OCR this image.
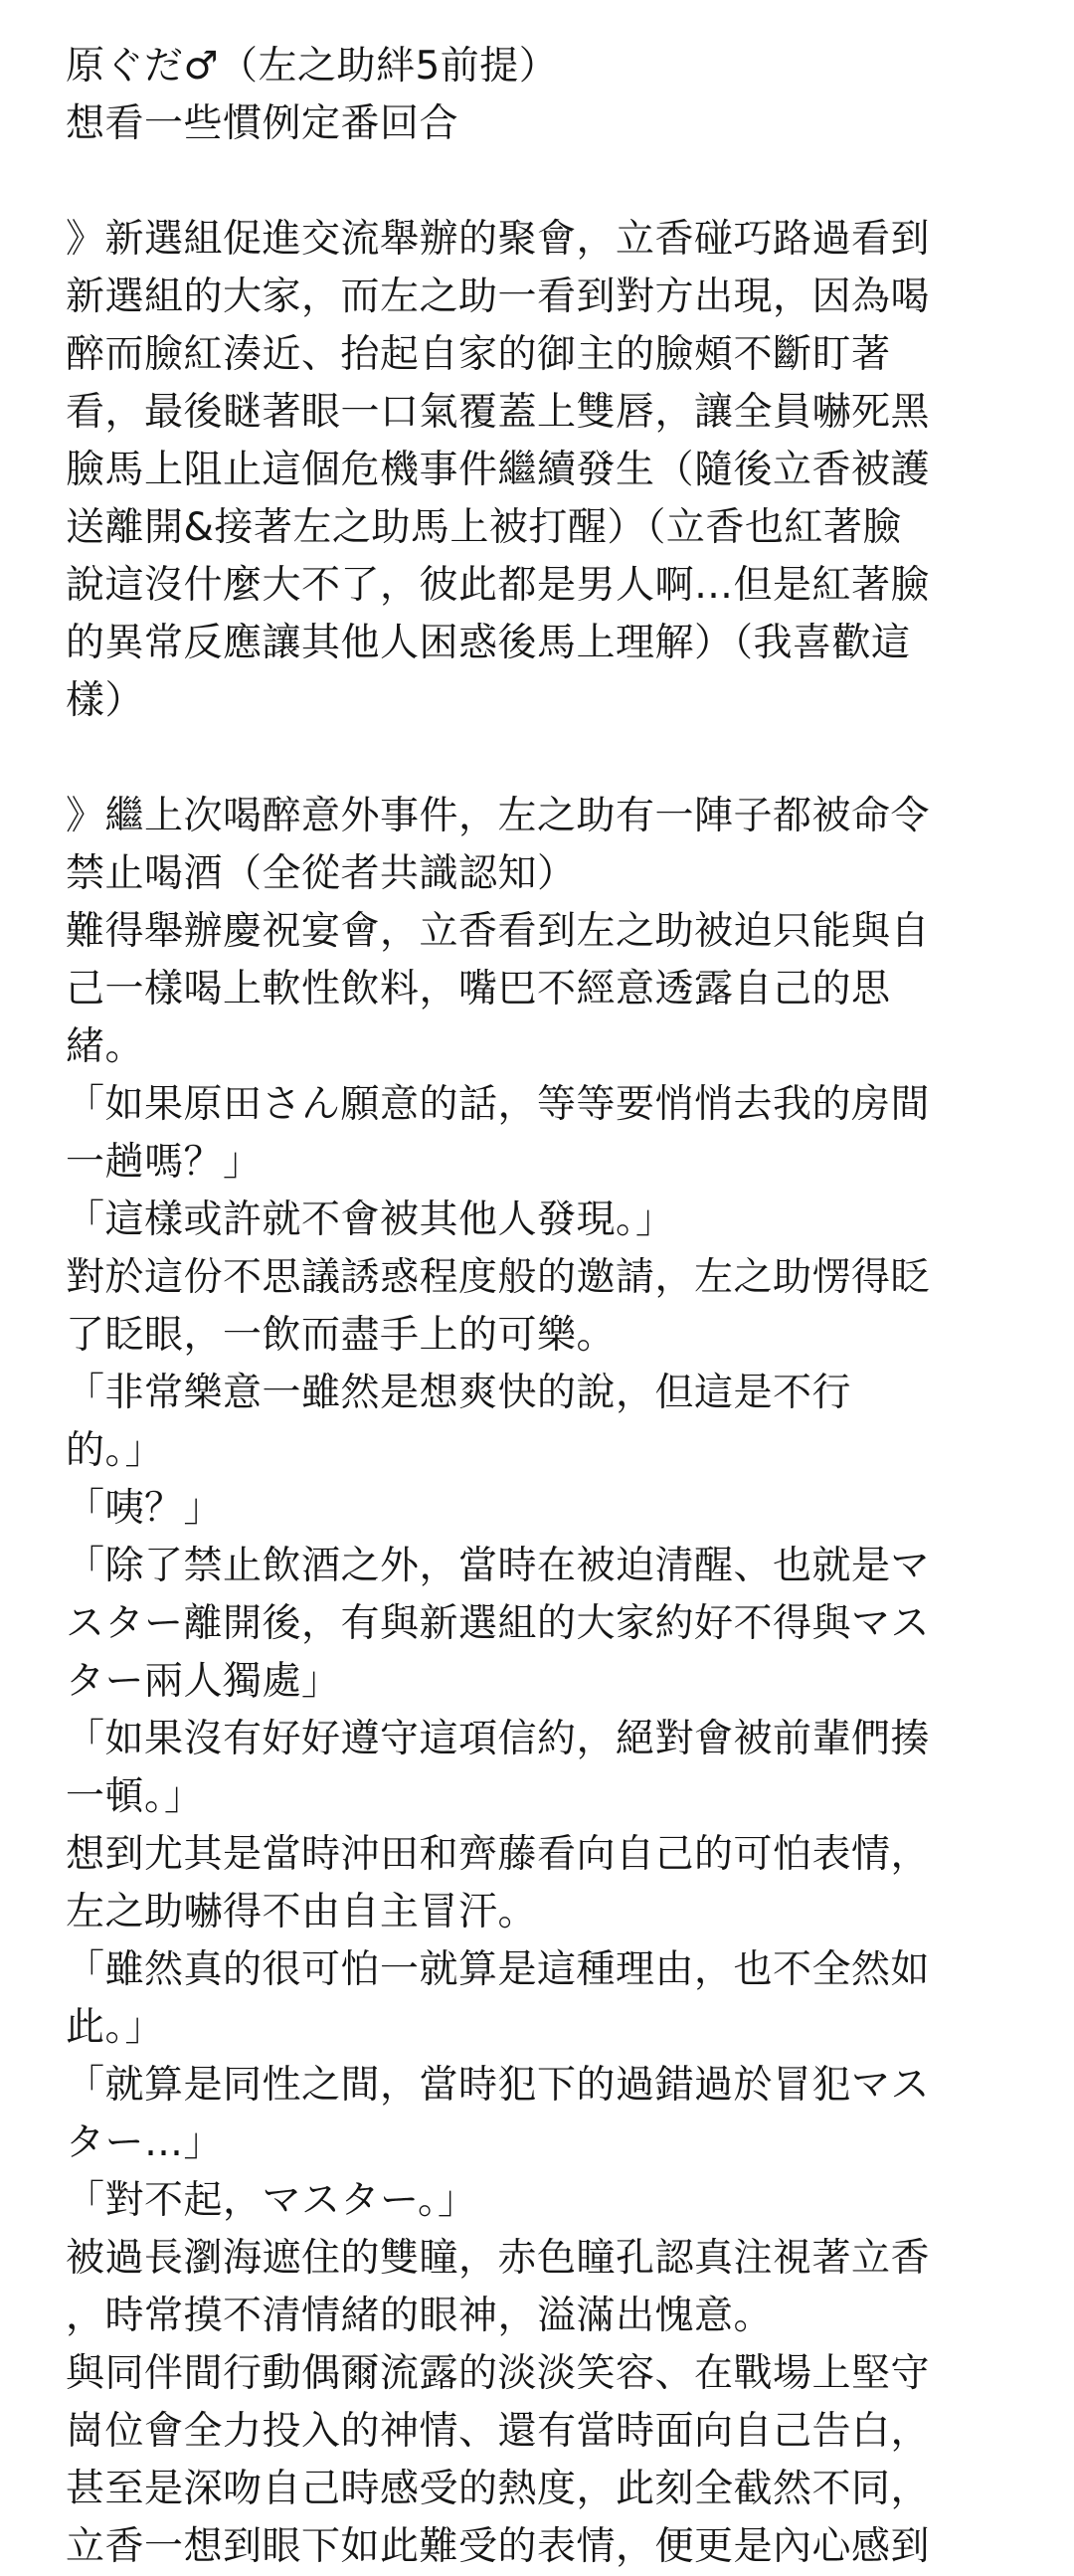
原ぐだ♂（左之助絆5前提）
想看一些慣例定番回合
》新選組促進交流舉辦的聚會，立香碰巧路過看到
新選組的大家，而左之助一看到對方出現，因為喝
醉而臉紅湊近、抬起自家的御主的臉頰不斷盯著
看，最後瞇著眼一口氣覆蓋上雙唇，讓全員嚇死黑
臉馬上阻止這個危機事件繼續發生（隨後立香被護
送離開&接著左之助馬上被打醒）（立香也紅著臉
說這沒什麼大不了，彼此都是男人啊…但是紅著臉
的異常反應讓其他人困惑後馬上理解）（我喜歡這
樣）
》繼上次喝醉意外事件，左之助有一陣子都被命令
禁止喝酒（全從者共識認知）
難得舉辦慶祝宴會，立香看到左之助被迫只能與自
己一樣喝上軟性飲料，嘴巴不經意透露自己的思
緒。
「如果原田さん願意的話，等等要悄悄去我的房間
一趟嗎？」
「這樣或許就不會被其他人發現。」
對於這份不思議誘惑程度般的邀請，左之助愣得眨
了眨眼，一飲而盡手上的可樂。
「非常樂意一雖然是想爽快的說，但這是不行
的。」
「咦？」
「除了禁止飲酒之外，當時在被迫清醒、也就是マ
スター離開後，有與新選組的大家約好不得與マス
ター兩人獨處」
「如果沒有好好遵守這項信約，絕對會被前輩們揍
一頓。」
想到尤其是當時沖田和齊藤看向自己的可怕表情，
左之助嚇得不由自主冒汗。
「雖然真的很可怕一就算是這種理由，也不全然如
此。」
「就算是同性之間，當時犯下的過錯過於冒犯マス
ター…」
「對不起，マスター。」
被過長瀏海遮住的雙瞳，赤色瞳孔認真注視著立香
，時常摸不清情緒的眼神，溢滿出愧意。
與同伴間行動偶爾流露的淡淡笑容、在戰場上堅守
崗位會全力投入的神情、還有當時面向自己告白，
甚至是深吻自己時感受的熱度，此刻全截然不同，
立香一想到眼下如此難受的表情，便更是內心感到
